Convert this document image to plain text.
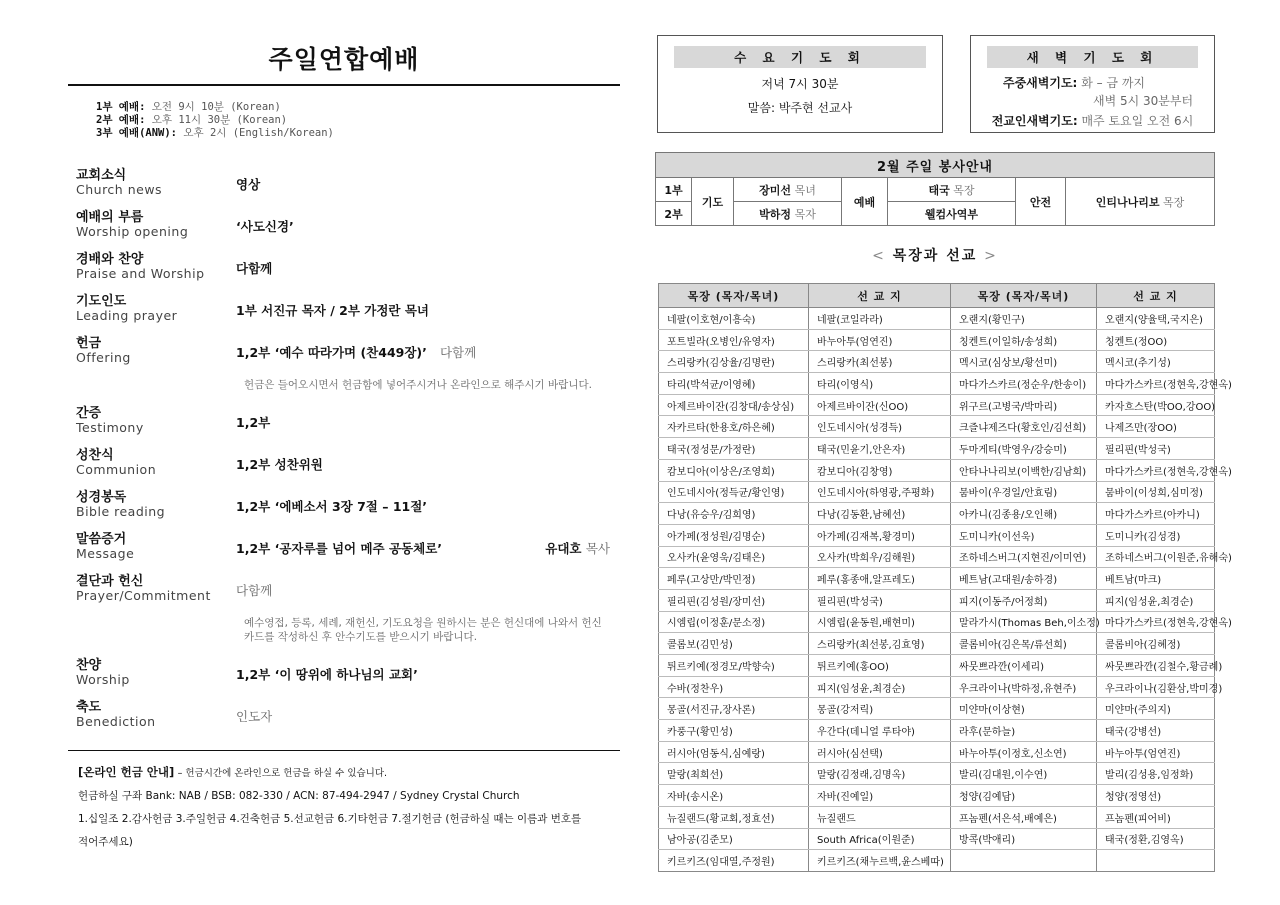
주일연합예배
1부 예배: 오전 9시 10분 (Korean)
2부 예배: 오후 11시 30분 (Korean)
3부 예배(ANW): 오후 2시 (English/Korean)
교회소식
Church news	영상
예배의 부름
Worship opening	‘사도신경’
경배와 찬양
Praise and Worship	다함께
기도인도
Leading prayer	1부 서진규 목자 / 2부 가정란 목녀
헌금
Offering	1,2부 ‘예수 따라가며 (찬449장)’ 다함께
헌금은 들어오시면서 헌금함에 넣어주시거나 온라인으로 해주시기 바랍니다.
간증
Testimony	1,2부
성찬식
Communion	1,2부 성찬위원
성경봉독
Bible reading	1,2부 ‘에베소서 3장 7절 – 11절’
말씀증거
Message	1,2부 ‘공자루를 넘어 메주 공동체로’	유대호 목사
결단과 헌신
Prayer/Commitment	다함께
예수영접, 등록, 세례, 재헌신, 기도요청을 원하시는 분은 헌신대에 나와서 헌신카드를 작성하신 후 안수기도를 받으시기 바랍니다.
찬양
Worship	1,2부 ‘이 땅위에 하나님의 교회’
축도
Benediction	인도자
[온라인 헌금 안내] – 헌금시간에 온라인으로 헌금을 하실 수 있습니다.
헌금하실 구좌 Bank: NAB / BSB: 082-330 / ACN: 87-494-2947 / Sydney Crystal Church
1.십일조 2.감사헌금 3.주일헌금 4.건축헌금 5.선교헌금 6.기타헌금 7.절기헌금 (헌금하실 때는 이름과 번호를
적어주세요)
수 요 기 도 회
저녁 7시 30분
말씀: 박주현 선교사
새 벽 기 도 회
주중새벽기도: 화 – 금 까지
새벽 5시 30분부터
전교인새벽기도: 매주 토요일 오전 6시
2월 주일 봉사안내						
1부	기도	장미선 목녀	예배	태국 목장	안전	인티나나리보 목장
2부		박하정 목자		웰컴사역부		
< 목장과 선교 >
목장 (목자/목녀)	선 교 지	목장 (목자/목녀)	선 교 지
네팔(이호현/이흥숙)	네팔(코일라라)	오랜지(황민구)	오랜지(양율택,국지은)
포트빌라(오병인/유영자)	바누아투(엄연진)	칭켄트(이일하/송성희)	칭켄트(정OO)
스리랑카(김상율/김명란)	스리랑카(최선봉)	멕시코(심상보/황선미)	멕시코(추기성)
타리(박석균/이영혜)	타리(이영식)	마다가스카르(정순우/한송이)	마다가스카르(정현욱,강현옥)
아제르바이잔(김창대/송상심)	아제르바이잔(신OO)	위구르(고병국/박마리)	카자흐스탄(박OO,강OO)
자카르타(한용호/하은혜)	인도네시아(성경득)	크즐냐제즈다(황호인/김선희)	나제즈만(장OO)
태국(정성문/가정란)	태국(민윤기,안은자)	두마게티(박영우/강승미)	필리핀(박성국)
캄보디아(이상은/조영희)	캄보디아(김창영)	안타나나리보(이백한/김남희)	마다가스카르(정현욱,강현옥)
인도네시아(정득균/황인영)	인도네시아(하영광,주평화)	뭄바이(우경일/안효림)	뭄바이(이성희,심미정)
다낭(유승우/김희영)	다낭(김동환,남혜선)	아카니(김종용/오인해)	마다가스카르(아카니)
아가페(정성원/김명순)	아가페(김재복,황경미)	도미니카(이선욱)	도미니카(김성경)
오사카(윤영욱/김태은)	오사카(박희우/김해원)	조하네스버그(지현진/이미연)	조하네스버그(이원준,유해숙)
페루(고상만/박민정)	페루(홍종애,알프레도)	베트남(고대원/송하경)	베트남(마크)
필리핀(김성원/장미선)	필리핀(박성국)	피지(이동주/어정희)	피지(임성윤,최경순)
시엠립(이정훈/문소정)	시엠립(윤동원,배현미)	말라가시(Thomas Beh,이소정)	마다가스카르(정현욱,강현옥)
콜롬보(김민성)	스리랑카(최선봉,김효영)	콜롬비아(김은목/류선희)	콜롬비아(김혜정)
튀르키예(정경모/박향숙)	튀르키예(홍OO)	싸뭇쁘라깐(이세리)	싸뭇쁘라깐(김철수,황금례)
수바(정찬우)	피지(임성윤,최경순)	우크라이나(박하정,유현주)	우크라이나(김환삼,박미경)
몽골(서진규,장사론)	몽골(강저릭)	미얀마(이상현)	미얀마(주의지)
카풍구(황민성)	우간다(데니얼 루타야)	라후(문하늘)	태국(강병선)
러시아(엄동식,심예랑)	러시아(심선택)	바누아투(이정호,신소연)	바누아투(엄연진)
말랑(최희선)	말랑(김정래,김명옥)	발리(김대원,이수연)	발리(김성용,임정화)
자바(송시온)	자바(진예일)	청양(김예담)	청양(정영선)
뉴질랜드(황교회,정효선)	뉴질랜드	프놈펜(서은석,배예은)	프놈펜(피어비)
남아공(김준모)	South Africa(이원준)	방콕(박애리)	태국(정환,김영옥)
키르키즈(임대열,주정원)	키르키즈(채누르백,윤스베따)		
